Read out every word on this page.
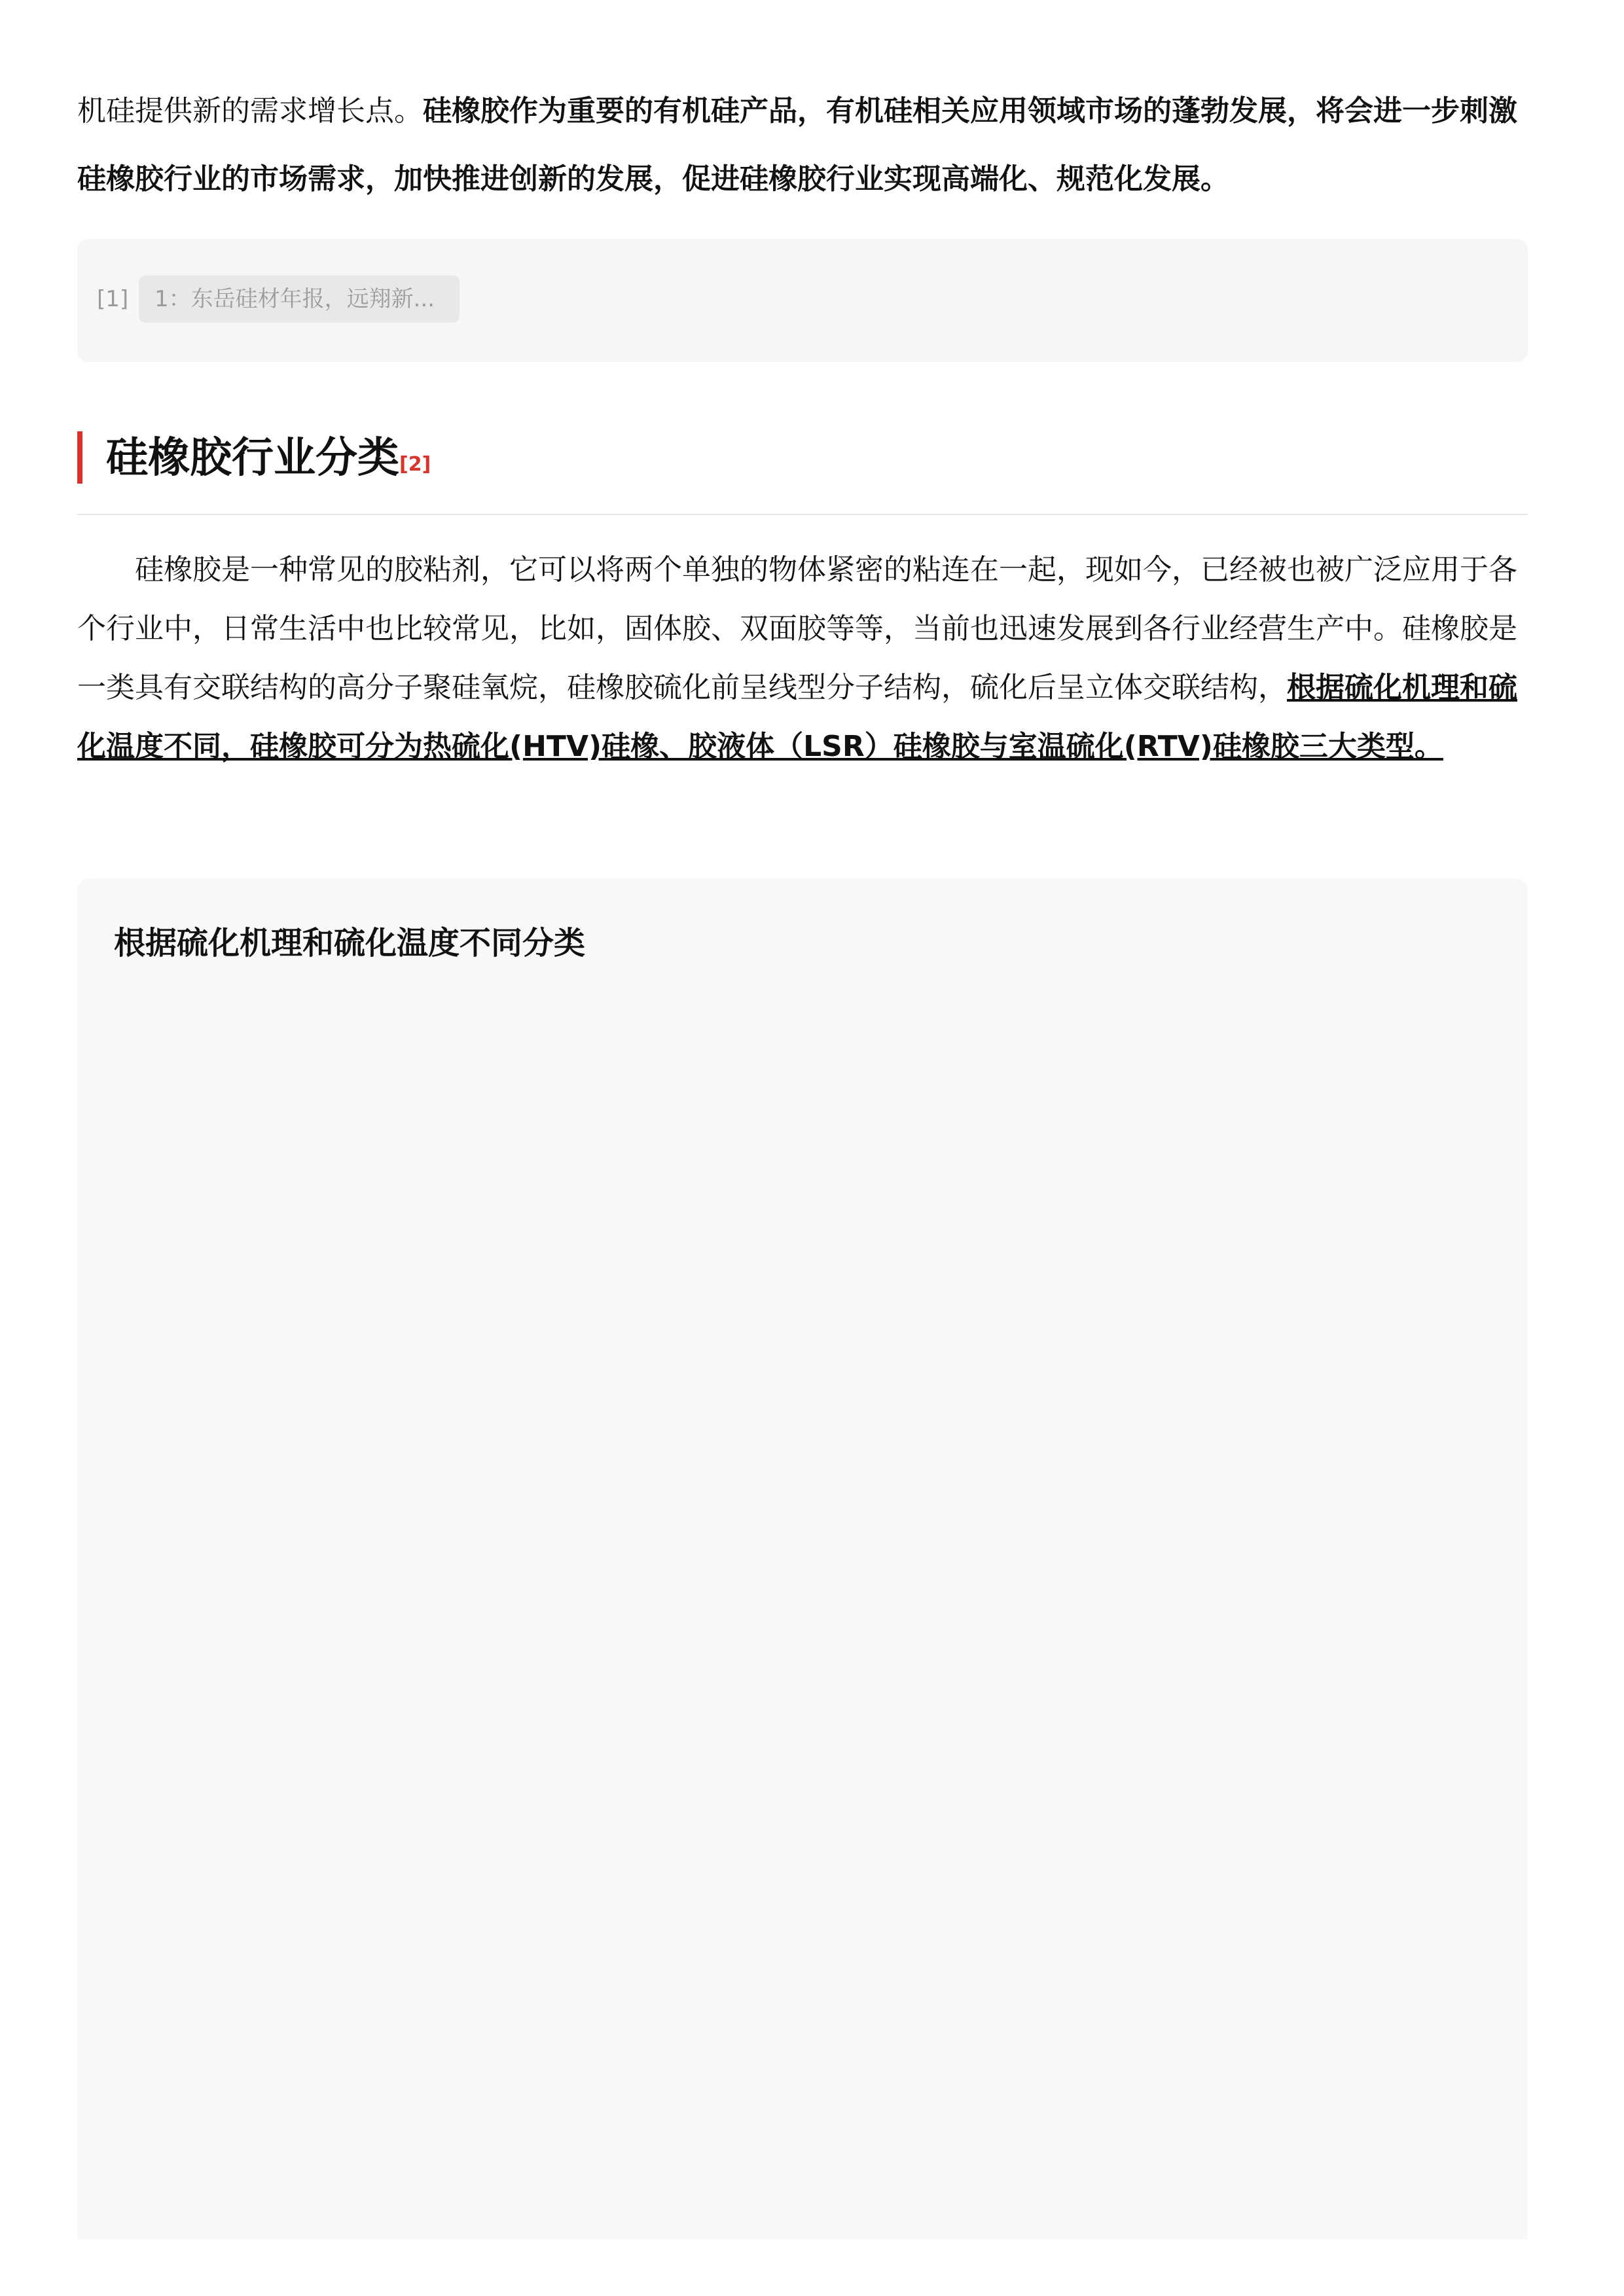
机硅提供新的需求增长点。硅橡胶作为重要的有机硅产品，有机硅相关应用领域市场的蓬勃发展，将会进一步刺激硅橡胶行业的市场需求，加快推进创新的发展，促进硅橡胶行业实现高端化、规范化发展。

[1]	1：东岳硅材年报，远翔新...
硅橡胶行业分类[2]

硅橡胶是一种常见的胶粘剂，它可以将两个单独的物体紧密的粘连在一起，现如今，已经被也被广泛应用于各个行业中，日常生活中也比较常见，比如，固体胶、双面胶等等，当前也迅速发展到各行业经营生产中。硅橡胶是一类具有交联结构的高分子聚硅氧烷，硅橡胶硫化前呈线型分子结构，硫化后呈立体交联结构，根据硫化机理和硫化温度不同，硅橡胶可分为热硫化(HTV)硅橡、胶液体（LSR）硅橡胶与室温硫化(RTV)硅橡胶三大类型。

根据硫化机理和硫化温度不同分类
